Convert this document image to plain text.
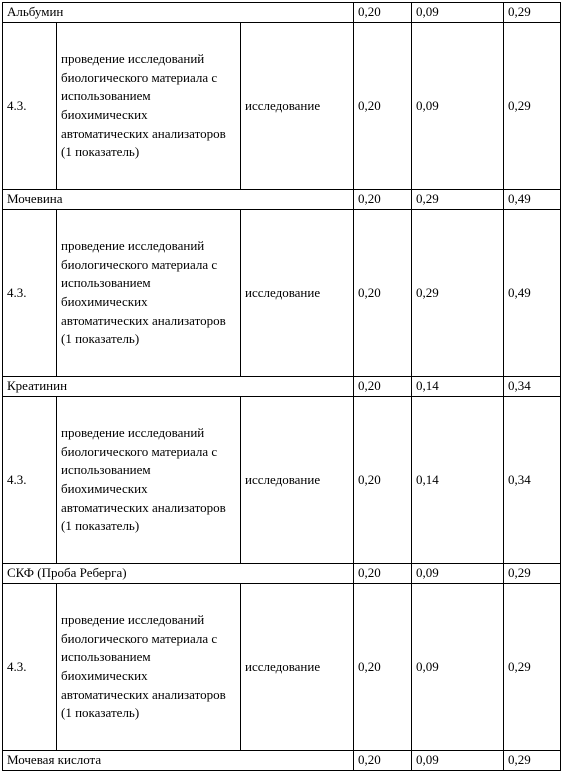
Альбумин			0,20	0,09	0,29
4.3.	проведение исследований биологического материала с использованием биохимических автоматических анализаторов (1 показатель)	исследование	0,20	0,09	0,29
Мочевина			0,20	0,29	0,49
4.3.	проведение исследований биологического материала с использованием биохимических автоматических анализаторов (1 показатель)	исследование	0,20	0,29	0,49
Креатинин			0,20	0,14	0,34
4.3.	проведение исследований биологического материала с использованием биохимических автоматических анализаторов (1 показатель)	исследование	0,20	0,14	0,34
СКФ (Проба Реберга)			0,20	0,09	0,29
4.3.	проведение исследований биологического материала с использованием биохимических автоматических анализаторов (1 показатель)	исследование	0,20	0,09	0,29
Мочевая кислота			0,20	0,09	0,29
